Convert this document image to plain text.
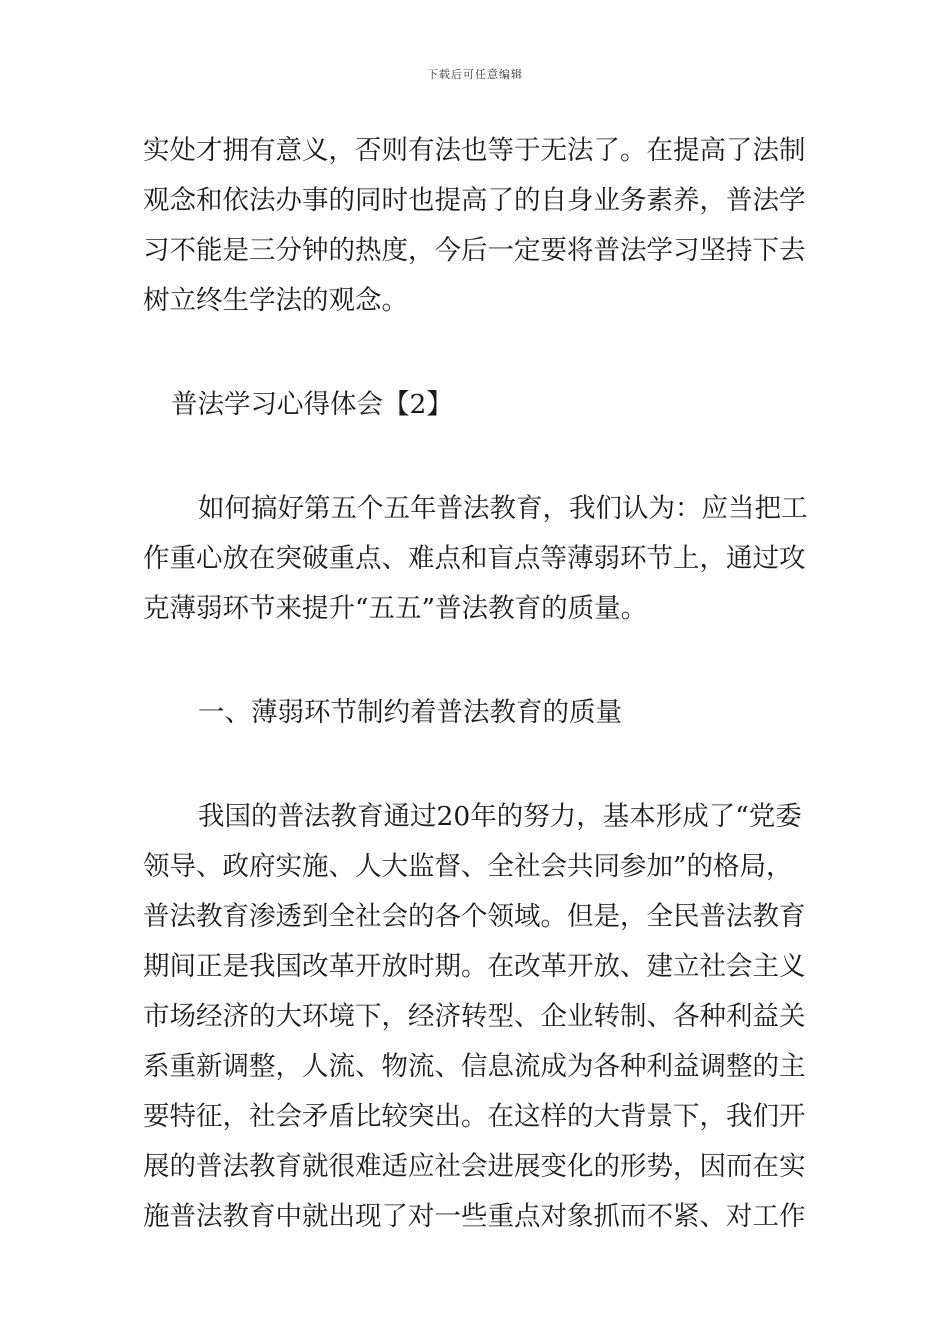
下载后可任意编辑

实处才拥有意义，否则有法也等于无法了。在提高了法制
观念和依法办事的同时也提高了的自身业务素养，普法学
习不能是三分钟的热度，今后一定要将普法学习坚持下去
树立终生学法的观念。

普法学习心得体会【2】

如何搞好第五个五年普法教育，我们认为：应当把工
作重心放在突破重点、难点和盲点等薄弱环节上，通过攻
克薄弱环节来提升“五五”普法教育的质量。

一、薄弱环节制约着普法教育的质量

我国的普法教育通过20年的努力，基本形成了“党委
领导、政府实施、人大监督、全社会共同参加”的格局，
普法教育渗透到全社会的各个领域。但是，全民普法教育
期间正是我国改革开放时期。在改革开放、建立社会主义
市场经济的大环境下，经济转型、企业转制、各种利益关
系重新调整，人流、物流、信息流成为各种利益调整的主
要特征，社会矛盾比较突出。在这样的大背景下，我们开
展的普法教育就很难适应社会进展变化的形势，因而在实
施普法教育中就出现了对一些重点对象抓而不紧、对工作
